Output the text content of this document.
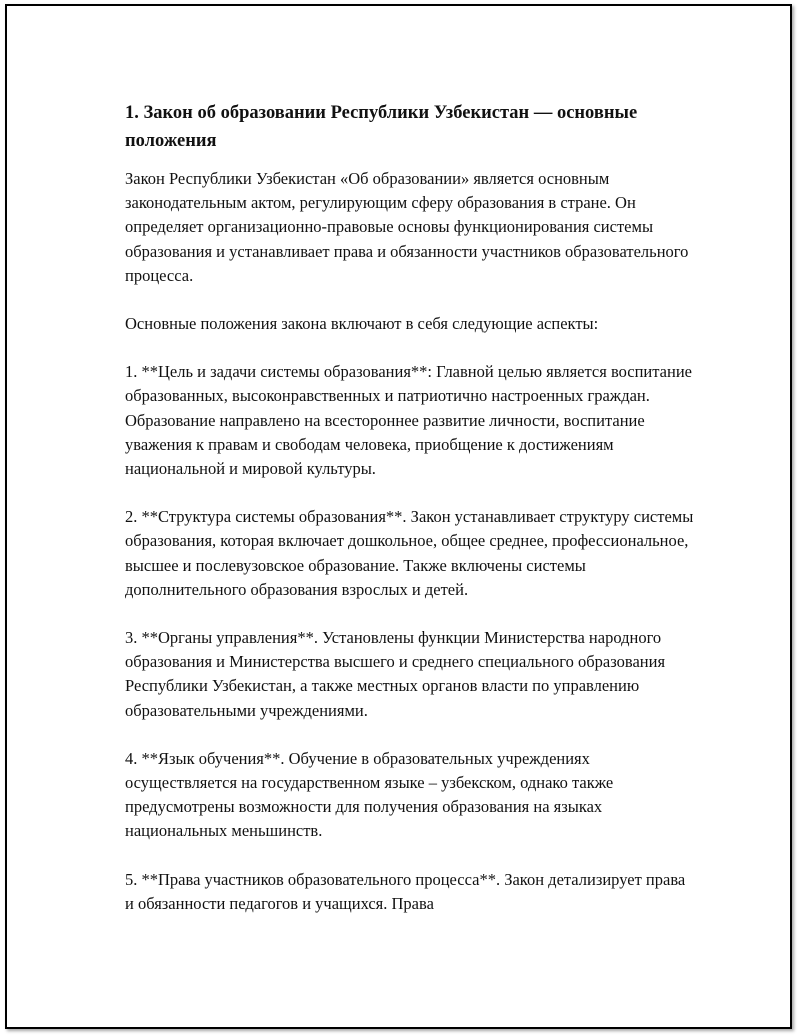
1. Закон об образовании Республики Узбекистан — основные положения

Закон Республики Узбекистан «Об образовании» является основным законодательным актом, регулирующим сферу образования в стране. Он определяет организационно-правовые основы функционирования системы образования и устанавливает права и обязанности участников образовательного процесса.

Основные положения закона включают в себя следующие аспекты:

1. **Цель и задачи системы образования**: Главной целью является воспитание образованных, высоконравственных и патриотично настроенных граждан. Образование направлено на всестороннее развитие личности, воспитание уважения к правам и свободам человека, приобщение к достижениям национальной и мировой культуры.

2. **Структура системы образования**. Закон устанавливает структуру системы образования, которая включает дошкольное, общее среднее, профессиональное, высшее и послевузовское образование. Также включены системы дополнительного образования взрослых и детей.

3. **Органы управления**. Установлены функции Министерства народного образования и Министерства высшего и среднего специального образования Республики Узбекистан, а также местных органов власти по управлению образовательными учреждениями.

4. **Язык обучения**. Обучение в образовательных учреждениях осуществляется на государственном языке – узбекском, однако также предусмотрены возможности для получения образования на языках национальных меньшинств.

5. **Права участников образовательного процесса**. Закон детализирует права и обязанности педагогов и учащихся. Права
